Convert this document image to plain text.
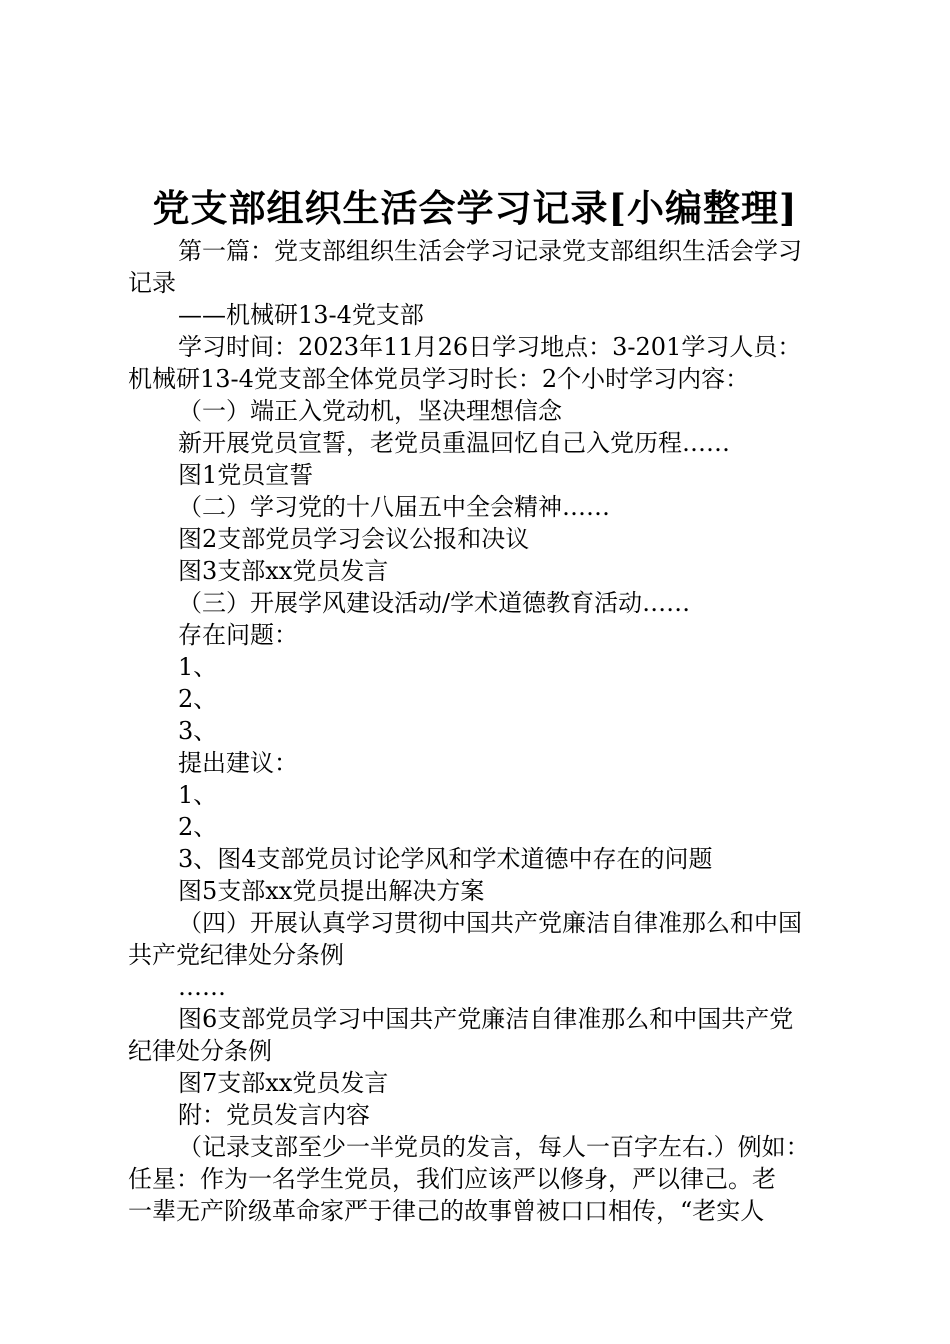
党支部组织生活会学习记录[小编整理]

第一篇：党支部组织生活会学习记录党支部组织生活会学习
记录

——机械研13-4党支部

学习时间：2023年11月26日学习地点：3-201学习人员：
机械研13-4党支部全体党员学习时长：2个小时学习内容：

（一）端正入党动机，坚决理想信念

新开展党员宣誓，老党员重温回忆自己入党历程……

图1党员宣誓

（二）学习党的十八届五中全会精神……

图2支部党员学习会议公报和决议

图3支部xx党员发言

（三）开展学风建设活动/学术道德教育活动……

存在问题：

1、

2、

3、

提出建议：

1、

2、

3、图4支部党员讨论学风和学术道德中存在的问题

图5支部xx党员提出解决方案

（四）开展认真学习贯彻中国共产党廉洁自律准那么和中国
共产党纪律处分条例

……

图6支部党员学习中国共产党廉洁自律准那么和中国共产党
纪律处分条例

图7支部xx党员发言

附：党员发言内容

（记录支部至少一半党员的发言，每人一百字左右.）例如：
任星：作为一名学生党员，我们应该严以修身，严以律己。老
一辈无产阶级革命家严于律己的故事曾被口口相传，“老实人
